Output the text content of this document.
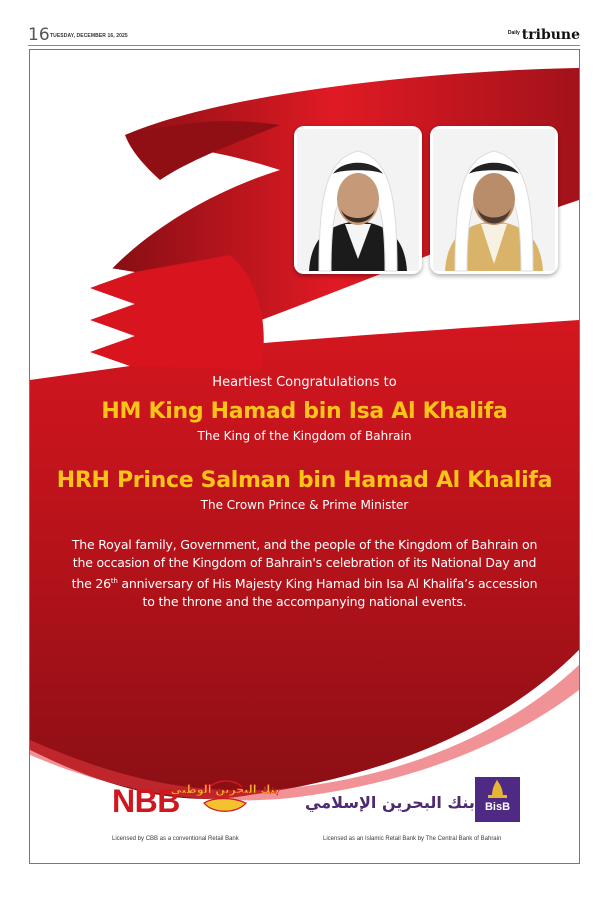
16 TUESDAY, DECEMBER 16, 2025	$^{Daily}$ tribune
Heartiest Congratulations to
HM King Hamad bin Isa Al Khalifa
The King of the Kingdom of Bahrain
HRH Prince Salman bin Hamad Al Khalifa
The Crown Prince & Prime Minister
The Royal family, Government, and the people of the Kingdom of Bahrain on
the occasion of the Kingdom of Bahrain's celebration of its National Day and
the 26th anniversary of His Majesty King Hamad bin Isa Al Khalifa’s accession
to the throne and the accompanying national events.
NBB
بنك البحرين الوطني
Licensed by CBB as a conventional Retail Bank
بنك البحرين الإسلامي BisB
Licensed as an Islamic Retail Bank by The Central Bank of Bahrain
